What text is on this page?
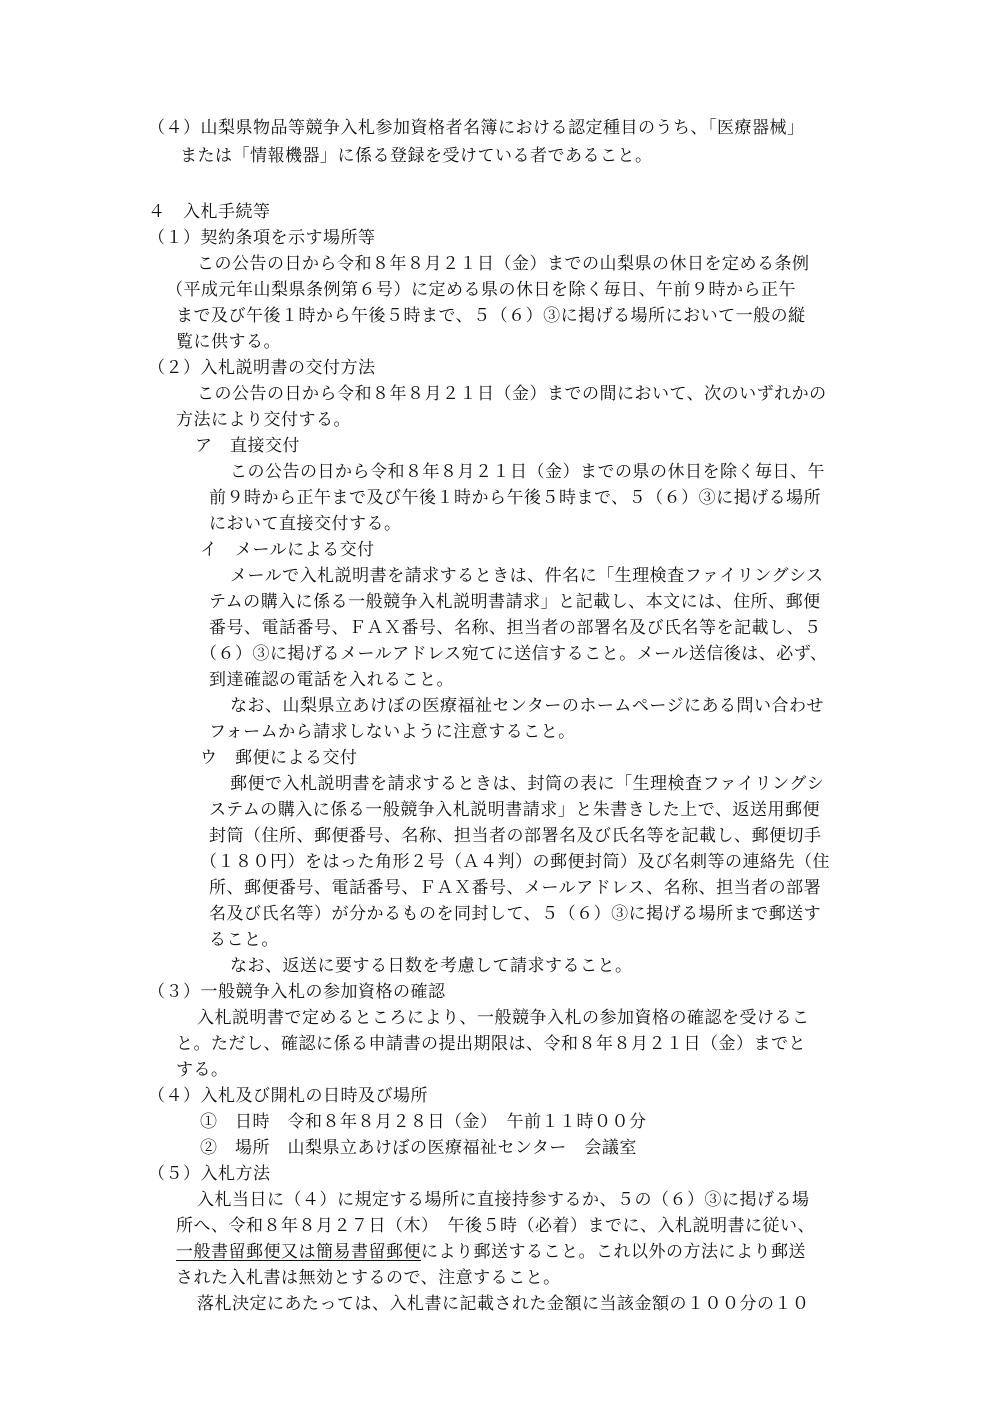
（４）山梨県物品等競争入札参加資格者名簿における認定種目のうち、「医療器械」
または「情報機器」に係る登録を受けている者であること。
４　入札手続等
（１）契約条項を示す場所等
この公告の日から令和８年８月２１日（金）までの山梨県の休日を定める条例
（平成元年山梨県条例第６号）に定める県の休日を除く毎日、午前９時から正午
まで及び午後１時から午後５時まで、５（６）③に掲げる場所において一般の縦
覧に供する。
（２）入札説明書の交付方法
この公告の日から令和８年８月２１日（金）までの間において、次のいずれかの
方法により交付する。
ア　直接交付
この公告の日から令和８年８月２１日（金）までの県の休日を除く毎日、午
前９時から正午まで及び午後１時から午後５時まで、５（６）③に掲げる場所
において直接交付する。
イ　メールによる交付
メールで入札説明書を請求するときは、件名に「生理検査ファイリングシス
テムの購入に係る一般競争入札説明書請求」と記載し、本文には、住所、郵便
番号、電話番号、ＦＡＸ番号、名称、担当者の部署名及び氏名等を記載し、５
（６）③に掲げるメールアドレス宛てに送信すること。メール送信後は、必ず、
到達確認の電話を入れること。
なお、山梨県立あけぼの医療福祉センターのホームページにある問い合わせ
フォームから請求しないように注意すること。
ウ　郵便による交付
郵便で入札説明書を請求するときは、封筒の表に「生理検査ファイリングシ
ステムの購入に係る一般競争入札説明書請求」と朱書きした上で、返送用郵便
封筒（住所、郵便番号、名称、担当者の部署名及び氏名等を記載し、郵便切手
（１８０円）をはった角形２号（Ａ４判）の郵便封筒）及び名刺等の連絡先（住
所、郵便番号、電話番号、ＦＡＸ番号、メールアドレス、名称、担当者の部署
名及び氏名等）が分かるものを同封して、５（６）③に掲げる場所まで郵送す
ること。
なお、返送に要する日数を考慮して請求すること。
（３）一般競争入札の参加資格の確認
入札説明書で定めるところにより、一般競争入札の参加資格の確認を受けるこ
と。ただし、確認に係る申請書の提出期限は、令和８年８月２１日（金）までと
する。
（４）入札及び開札の日時及び場所
①　日時　令和８年８月２８日（金）　午前１１時００分
②　場所　山梨県立あけぼの医療福祉センター　会議室
（５）入札方法
入札当日に（４）に規定する場所に直接持参するか、５の（６）③に掲げる場
所へ、令和８年８月２７日（木）　午後５時（必着）までに、入札説明書に従い、
一般書留郵便又は簡易書留郵便により郵送すること。これ以外の方法により郵送
された入札書は無効とするので、注意すること。
落札決定にあたっては、入札書に記載された金額に当該金額の１００分の１０
